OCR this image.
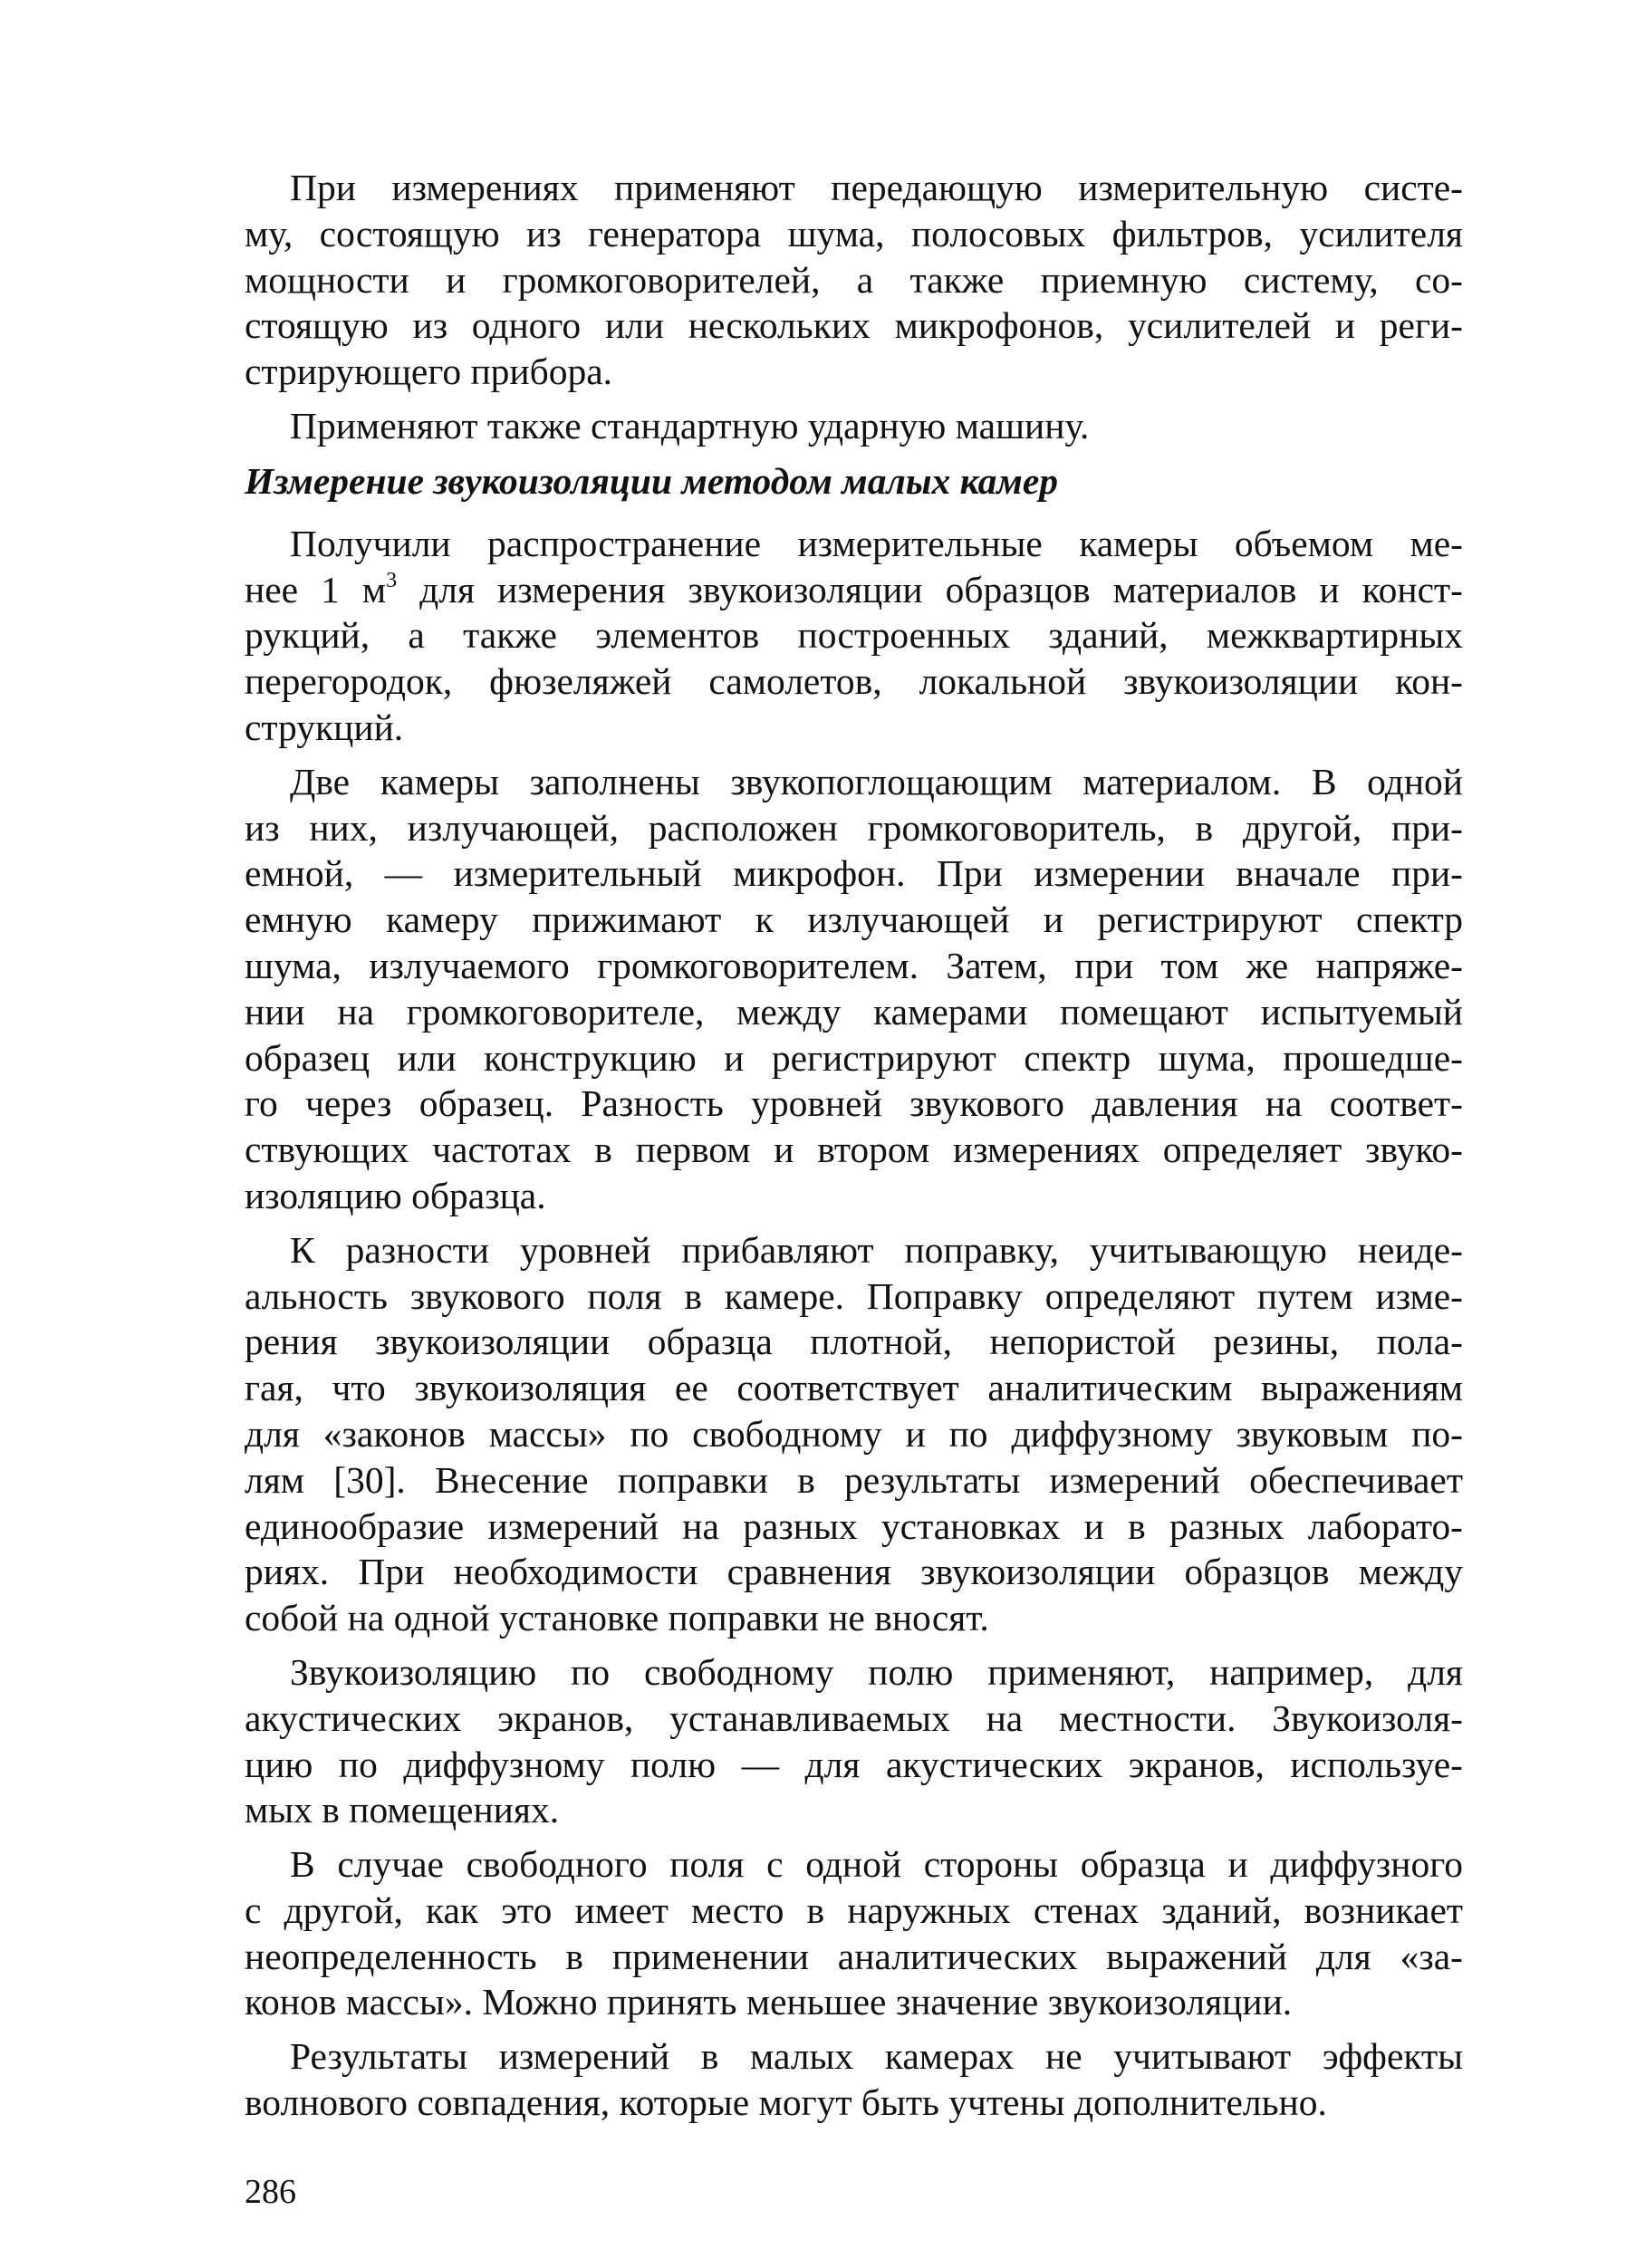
При измерениях применяют передающую измерительную систе-
му, состоящую из генератора шума, полосовых фильтров, усилителя
мощности и громкоговорителей, а также приемную систему, со-
стоящую из одного или нескольких микрофонов, усилителей и реги-
стрирующего прибора.

Применяют также стандартную ударную машину.

Измерение звукоизоляции методом малых камер

Получили распространение измерительные камеры объемом ме-
нее 1 $м^3$ для измерения звукоизоляции образцов материалов и конст-
рукций, а также элементов построенных зданий, межквартирных
перегородок, фюзеляжей самолетов, локальной звукоизоляции кон-
струкций.

Две камеры заполнены звукопоглощающим материалом. В одной
из них, излучающей, расположен громкоговоритель, в другой, при-
емной, — измерительный микрофон. При измерении вначале при-
емную камеру прижимают к излучающей и регистрируют спектр
шума, излучаемого громкоговорителем. Затем, при том же напряже-
нии на громкоговорителе, между камерами помещают испытуемый
образец или конструкцию и регистрируют спектр шума, прошедше-
го через образец. Разность уровней звукового давления на соответ-
ствующих частотах в первом и втором измерениях определяет звуко-
изоляцию образца.

К разности уровней прибавляют поправку, учитывающую неиде-
альность звукового поля в камере. Поправку определяют путем изме-
рения звукоизоляции образца плотной, непористой резины, пола-
гая, что звукоизоляция ее соответствует аналитическим выражениям
для «законов массы» по свободному и по диффузному звуковым по-
лям [30]. Внесение поправки в результаты измерений обеспечивает
единообразие измерений на разных установках и в разных лаборато-
риях. При необходимости сравнения звукоизоляции образцов между
собой на одной установке поправки не вносят.

Звукоизоляцию по свободному полю применяют, например, для
акустических экранов, устанавливаемых на местности. Звукоизоля-
цию по диффузному полю — для акустических экранов, используе-
мых в помещениях.

В случае свободного поля с одной стороны образца и диффузного
с другой, как это имеет место в наружных стенах зданий, возникает
неопределенность в применении аналитических выражений для «за-
конов массы». Можно принять меньшее значение звукоизоляции.

Результаты измерений в малых камерах не учитывают эффекты
волнового совпадения, которые могут быть учтены дополнительно.

286
